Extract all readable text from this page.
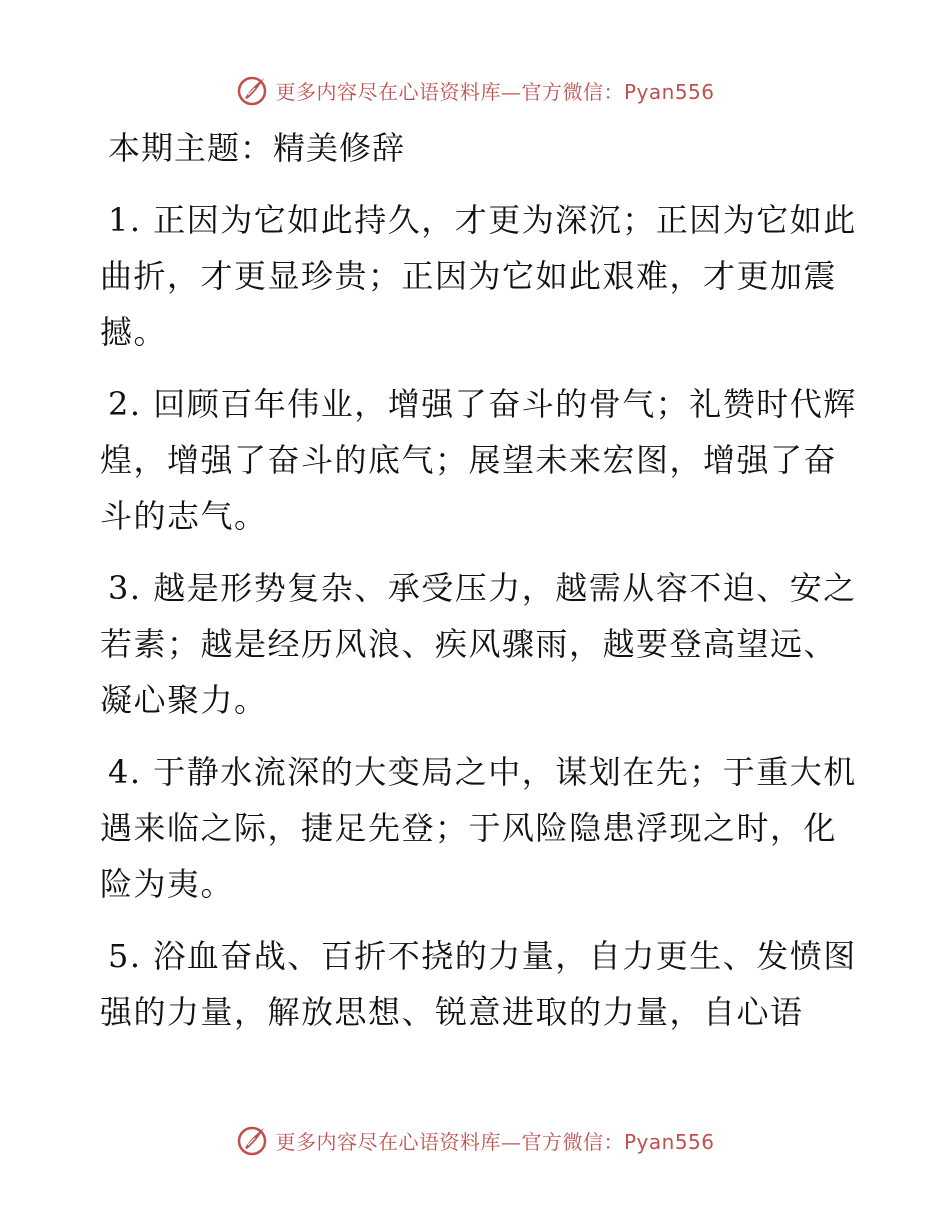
更多内容尽在心语资料库—官方微信：Pyan556
本期主题：精美修辞
1. 正因为它如此持久，才更为深沉；正因为它如此曲折，才更显珍贵；正因为它如此艰难，才更加震撼。
2. 回顾百年伟业，增强了奋斗的骨气；礼赞时代辉煌，增强了奋斗的底气；展望未来宏图，增强了奋斗的志气。
3. 越是形势复杂、承受压力，越需从容不迫、安之若素；越是经历风浪、疾风骤雨，越要登高望远、凝心聚力。
4. 于静水流深的大变局之中，谋划在先；于重大机遇来临之际，捷足先登；于风险隐患浮现之时，化险为夷。
5. 浴血奋战、百折不挠的力量，自力更生、发愤图强的力量，解放思想、锐意进取的力量，自心语
更多内容尽在心语资料库—官方微信：Pyan556
